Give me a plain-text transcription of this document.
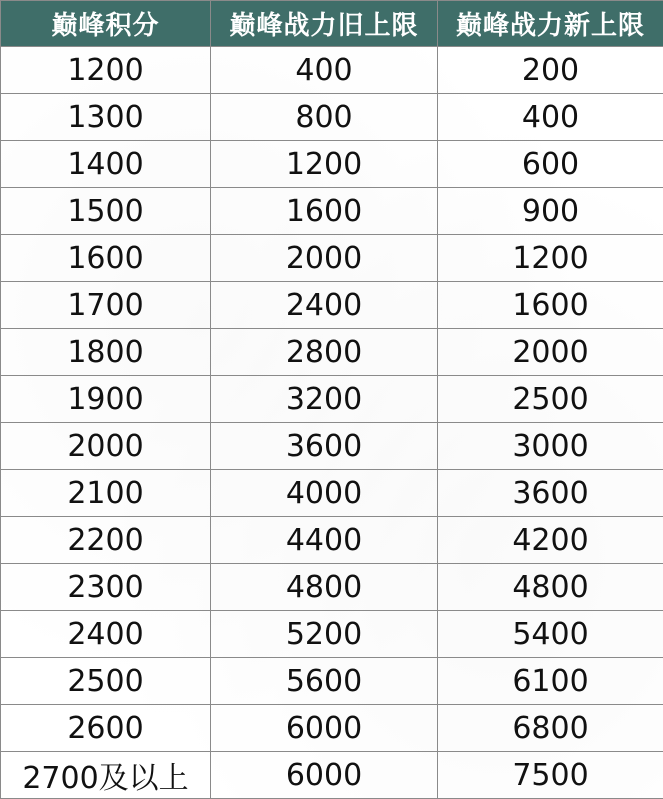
巅峰积分	巅峰战力旧上限	巅峰战力新上限
1200	400	200
1300	800	400
1400	1200	600
1500	1600	900
1600	2000	1200
1700	2400	1600
1800	2800	2000
1900	3200	2500
2000	3600	3000
2100	4000	3600
2200	4400	4200
2300	4800	4800
2400	5200	5400
2500	5600	6100
2600	6000	6800
2700及以上	6000	7500
